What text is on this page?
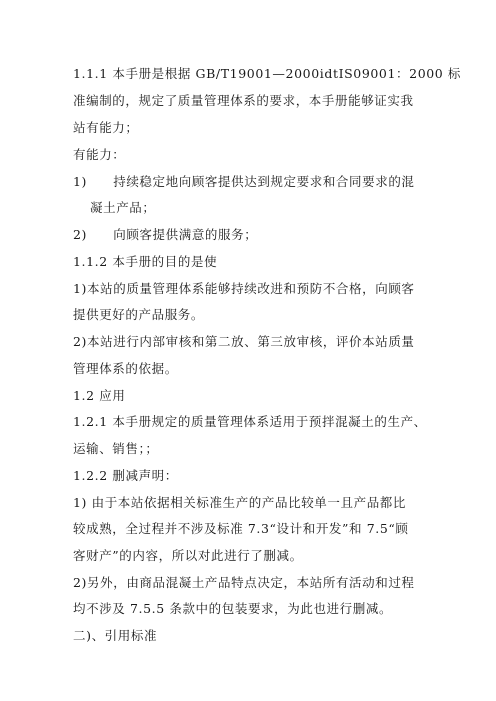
1.1.1 本手册是根据 GB/T19001—2000idtIS09001：2000 标
准编制的，规定了质量管理体系的要求，本手册能够证实我
站有能力；
有能力：
1)　　持续稳定地向顾客提供达到规定要求和合同要求的混
凝土产品；
2)　　向顾客提供满意的服务；
1.1.2 本手册的目的是使
1)本站的质量管理体系能够持续改进和预防不合格，向顾客
提供更好的产品服务。
2)本站进行内部审核和第二放、第三放审核，评价本站质量
管理体系的依据。
1.2 应用
1.2.1 本手册规定的质量管理体系适用于预拌混凝土的生产、
运输、销售；；
1.2.2 删减声明：
1) 由于本站依据相关标准生产的产品比较单一且产品都比
较成熟，全过程并不涉及标准 7.3“设计和开发”和 7.5“顾
客财产”的内容，所以对此进行了删减。
2)另外，由商品混凝土产品特点决定，本站所有活动和过程
均不涉及 7.5.5 条款中的包装要求，为此也进行删减。
二)、引用标准
